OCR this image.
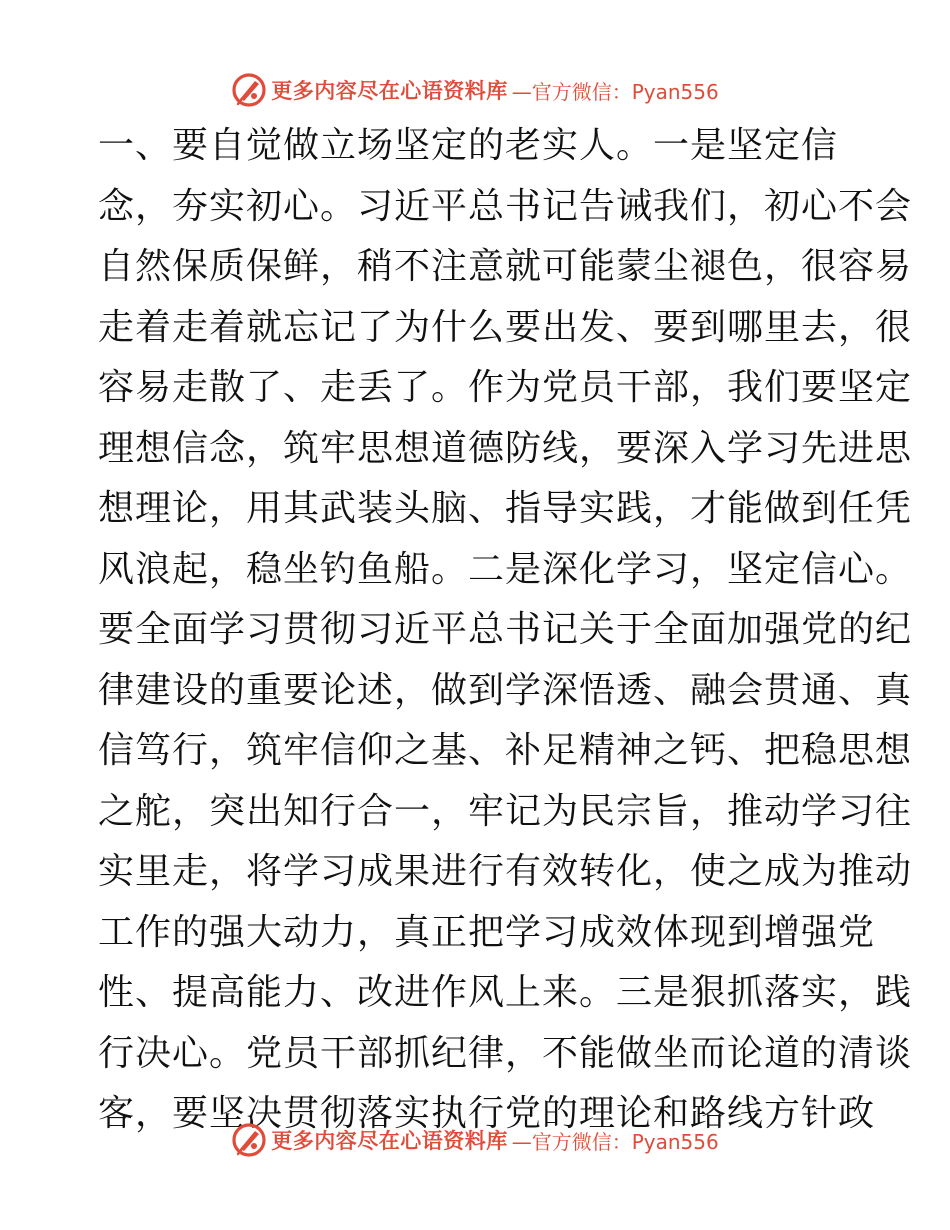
更多内容尽在心语资料库 —官方微信：Pyan556
一、要自觉做立场坚定的老实人。一是坚定信
念，夯实初心。习近平总书记告诫我们，初心不会
自然保质保鲜，稍不注意就可能蒙尘褪色，很容易
走着走着就忘记了为什么要出发、要到哪里去，很
容易走散了、走丢了。作为党员干部，我们要坚定
理想信念，筑牢思想道德防线，要深入学习先进思
想理论，用其武装头脑、指导实践，才能做到任凭
风浪起，稳坐钓鱼船。二是深化学习，坚定信心。
要全面学习贯彻习近平总书记关于全面加强党的纪
律建设的重要论述，做到学深悟透、融会贯通、真
信笃行，筑牢信仰之基、补足精神之钙、把稳思想
之舵，突出知行合一，牢记为民宗旨，推动学习往
实里走，将学习成果进行有效转化，使之成为推动
工作的强大动力，真正把学习成效体现到增强党
性、提高能力、改进作风上来。三是狠抓落实，践
行决心。党员干部抓纪律，不能做坐而论道的清谈
客，要坚决贯彻落实执行党的理论和路线方针政
更多内容尽在心语资料库 —官方微信：Pyan556
